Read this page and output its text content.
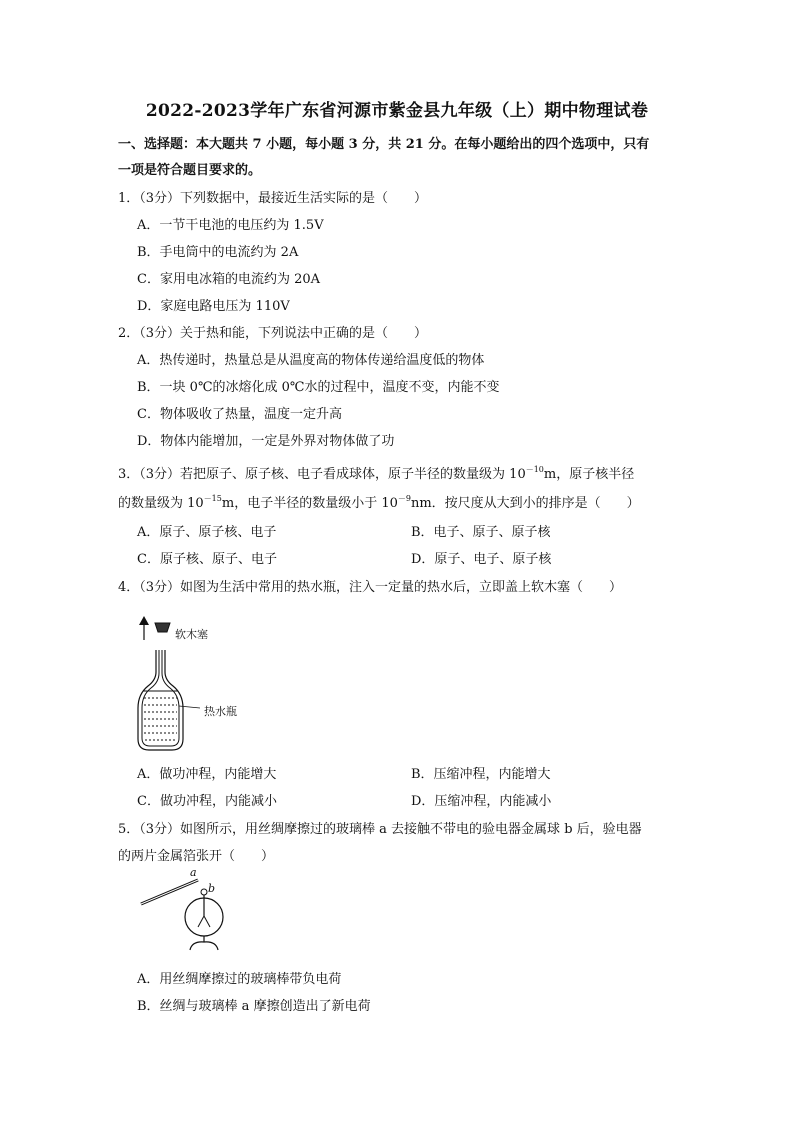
2022-2023学年广东省河源市紫金县九年级（上）期中物理试卷
一、选择题：本大题共 7 小题，每小题 3 分，共 21 分。在每小题给出的四个选项中，只有
一项是符合题目要求的。
1．（3分）下列数据中，最接近生活实际的是（　　）
A．一节干电池的电压约为 1.5V
B．手电筒中的电流约为 2A
C．家用电冰箱的电流约为 20A
D．家庭电路电压为 110V
2．（3分）关于热和能，下列说法中正确的是（　　）
A．热传递时，热量总是从温度高的物体传递给温度低的物体
B．一块 0℃的冰熔化成 0℃水的过程中，温度不变，内能不变
C．物体吸收了热量，温度一定升高
D．物体内能增加，一定是外界对物体做了功
3．（3分）若把原子、原子核、电子看成球体，原子半径的数量级为 $10^{-10}m$，原子核半径
的数量级为 $10^{-15}m$，电子半径的数量级小于 $10^{-9}nm$．按尺度从大到小的排序是（　　）
A．原子、原子核、电子	B．电子、原子、原子核
C．原子核、原子、电子	D．原子、电子、原子核
4．（3分）如图为生活中常用的热水瓶，注入一定量的热水后，立即盖上软木塞（　　）
软木塞
热水瓶
A．做功冲程，内能增大	B．压缩冲程，内能增大
C．做功冲程，内能减小	D．压缩冲程，内能减小
5．（3分）如图所示，用丝绸摩擦过的玻璃棒 a 去接触不带电的验电器金属球 b 后，验电器
的两片金属箔张开（　　）
a
b
A．用丝绸摩擦过的玻璃棒带负电荷
B．丝绸与玻璃棒 a 摩擦创造出了新电荷
